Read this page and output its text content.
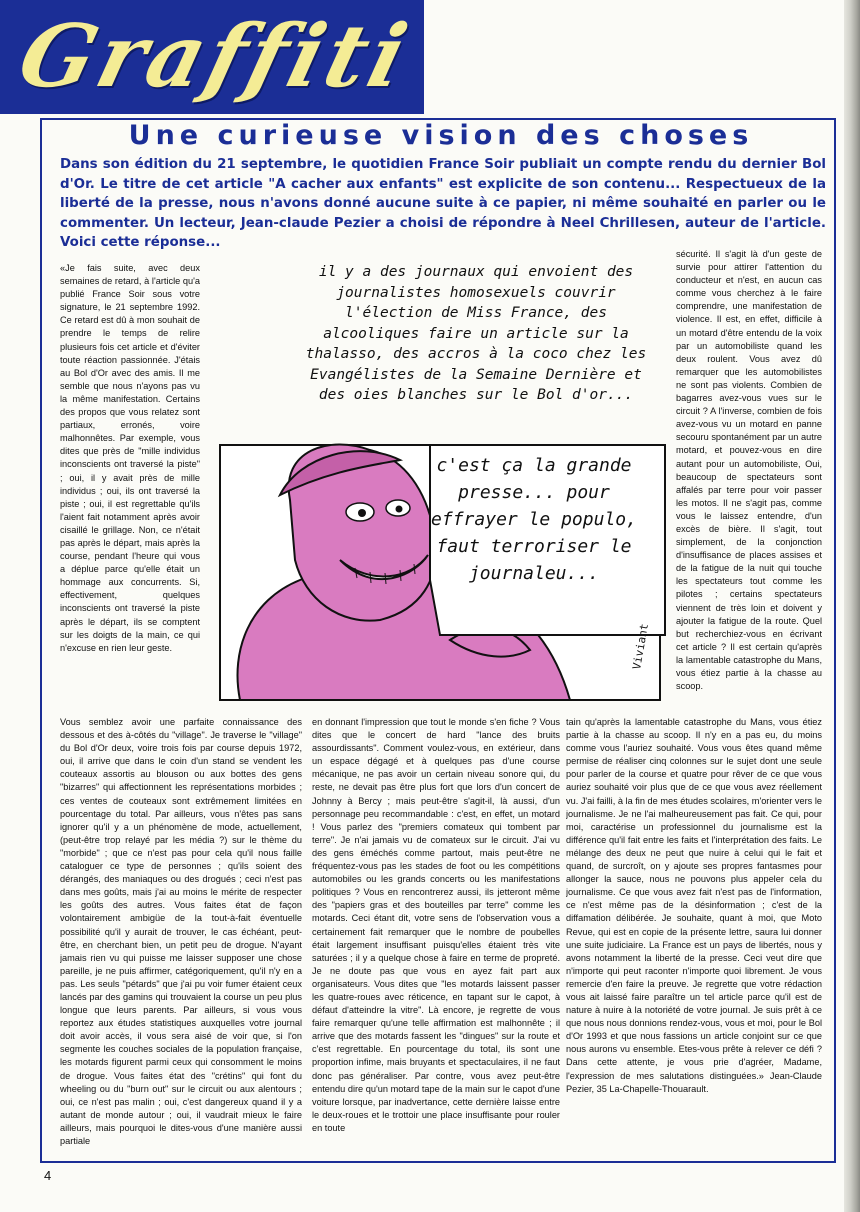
Graffiti
Une curieuse vision des choses
Dans son édition du 21 septembre, le quotidien France Soir publiait un compte rendu du dernier Bol d'Or. Le titre de cet article "A cacher aux enfants" est explicite de son contenu... Respectueux de la liberté de la presse, nous n'avons donné aucune suite à ce papier, ni même souhaité en parler ou le commenter. Un lecteur, Jean-claude Pezier a choisi de répondre à Neel Chrillesen, auteur de l'article. Voici cette réponse...

«Je fais suite, avec deux semaines de retard, à l'article qu'a publié France Soir sous votre signature, le 21 septembre 1992. Ce retard est dû à mon souhait de prendre le temps de relire plusieurs fois cet article et d'éviter toute réaction passionnée. J'étais au Bol d'Or avec des amis. Il me semble que nous n'ayons pas vu la même manifestation. Certains des propos que vous relatez sont partiaux, erronés, voire malhonnêtes. Par exemple, vous dites que près de "mille individus inconscients ont traversé la piste" ; oui, il y avait près de mille individus ; oui, ils ont traversé la piste ; oui, il est regrettable qu'ils l'aient fait notamment après avoir cisaillé le grillage. Non, ce n'était pas après le départ, mais après la course, pendant l'heure qui vous a déplue parce qu'elle était un hommage aux concurrents. Si, effectivement, quelques inconscients ont traversé la piste après le départ, ils se comptent sur les doigts de la main, ce qui n'excuse en rien leur geste.	Viviant
il y a des journaux qui envoient des journalistes homosexuels couvrir l'élection de Miss France, des alcooliques faire un article sur la thalasso, des accros à la coco chez les Evangélistes de la Semaine Dernière et des oies blanches sur le Bol d'or...
c'est ça la grande presse... pour effrayer le populo, faut terroriser le journaleu...

sécurité. Il s'agit là d'un geste de survie pour attirer l'attention du conducteur et n'est, en aucun cas comme vous cherchez à le faire comprendre, une manifestation de violence. Il est, en effet, difficile à un motard d'être entendu de la voix par un automobiliste quand les deux roulent. Vous avez dû remarquer que les automobilistes ne sont pas violents. Combien de bagarres avez-vous vues sur le circuit ? A l'inverse, combien de fois avez-vous vu un motard en panne secouru spontanément par un autre motard, et pouvez-vous en dire autant pour un automobiliste, Oui, beaucoup de spectateurs sont affalés par terre pour voir passer les motos. Il ne s'agit pas, comme vous le laissez entendre, d'un excès de bière. Il s'agit, tout simplement, de la conjonction d'insuffisance de places assises et de la fatigue de la nuit qui touche les spectateurs tout comme les pilotes ; certains spectateurs viennent de très loin et doivent y ajouter la fatigue de la route. Quel but recherchiez-vous en écrivant cet article ? Il est certain qu'après la lamentable catastrophe du Mans, vous étiez partie à la chasse au scoop.

Vous semblez avoir une parfaite connaissance des dessous et des à-côtés du "village". Je traverse le "village" du Bol d'Or deux, voire trois fois par course depuis 1972, oui, il arrive que dans le coin d'un stand se vendent les couteaux assortis au blouson ou aux bottes des gens "bizarres" qui affectionnent les représentations morbides ; ces ventes de couteaux sont extrêmement limitées en pourcentage du total. Par ailleurs, vous n'êtes pas sans ignorer qu'il y a un phénomène de mode, actuellement, (peut-être trop relayé par les média ?) sur le thème du "morbide" ; que ce n'est pas pour cela qu'il nous faille cataloguer ce type de personnes ; qu'ils soient des dérangés, des maniaques ou des drogués ; ceci n'est pas dans mes goûts, mais j'ai au moins le mérite de respecter les goûts des autres. Vous faites état de façon volontairement ambigüe de la tout-à-fait éventuelle possibilité qu'il y aurait de trouver, le cas échéant, peut-être, en cherchant bien, un petit peu de drogue. N'ayant jamais rien vu qui puisse me laisser supposer une chose pareille, je ne puis affirmer, catégoriquement, qu'il n'y en a pas. Les seuls "pétards" que j'ai pu voir fumer étaient ceux lancés par des gamins qui trouvaient la course un peu plus longue que leurs parents. Par ailleurs, si vous vous reportez aux études statistiques auxquelles votre journal doit avoir accès, il vous sera aisé de voir que, si l'on segmente les couches sociales de la population française, les motards figurent parmi ceux qui consomment le moins de drogue. Vous faites état des "crétins" qui font du wheeling ou du "burn out" sur le circuit ou aux alentours ; oui, ce n'est pas malin ; oui, c'est dangereux quand il y a autant de monde autour ; oui, il vaudrait mieux le faire ailleurs, mais pourquoi le dites-vous d'une manière aussi partiale

en donnant l'impression que tout le monde s'en fiche ? Vous dites que le concert de hard "lance des bruits assourdissants". Comment voulez-vous, en extérieur, dans un espace dégagé et à quelques pas d'une course mécanique, ne pas avoir un certain niveau sonore qui, du reste, ne devait pas être plus fort que lors d'un concert de Johnny à Bercy ; mais peut-être s'agit-il, là aussi, d'un personnage peu recommandable : c'est, en effet, un motard ! Vous parlez des "premiers comateux qui tombent par terre". Je n'ai jamais vu de comateux sur le circuit. J'ai vu des gens éméchés comme partout, mais peut-être ne fréquentez-vous pas les stades de foot ou les compétitions automobiles ou les grands concerts ou les manifestations politiques ? Vous en rencontrerez aussi, ils jetteront même des "papiers gras et des bouteilles par terre" comme les motards. Ceci étant dit, votre sens de l'observation vous a certainement fait remarquer que le nombre de poubelles était largement insuffisant puisqu'elles étaient très vite saturées ; il y a quelque chose à faire en terme de propreté. Je ne doute pas que vous en ayez fait part aux organisateurs. Vous dites que "les motards laissent passer les quatre-roues avec réticence, en tapant sur le capot, à défaut d'atteindre la vitre". Là encore, je regrette de vous faire remarquer qu'une telle affirmation est malhonnête ; il arrive que des motards fassent les "dingues" sur la route et c'est regrettable. En pourcentage du total, ils sont une proportion infime, mais bruyants et spectaculaires, il ne faut donc pas généraliser. Par contre, vous avez peut-être entendu dire qu'un motard tape de la main sur le capot d'une voiture lorsque, par inadvertance, cette dernière laisse entre le deux-roues et le trottoir une place insuffisante pour rouler en toute

tain qu'après la lamentable catastrophe du Mans, vous étiez partie à la chasse au scoop. Il n'y en a pas eu, du moins comme vous l'auriez souhaité. Vous vous êtes quand même permise de réaliser cinq colonnes sur le sujet dont une seule pour parler de la course et quatre pour rêver de ce que vous auriez souhaité voir plus que de ce que vous avez réellement vu. J'ai failli, à la fin de mes études scolaires, m'orienter vers le journalisme. Je ne l'ai malheureusement pas fait. Ce qui, pour moi, caractérise un professionnel du journalisme est la différence qu'il fait entre les faits et l'interprétation des faits. Le mélange des deux ne peut que nuire à celui qui le fait et quand, de surcroît, on y ajoute ses propres fantasmes pour allonger la sauce, nous ne pouvons plus appeler cela du journalisme. Ce que vous avez fait n'est pas de l'information, ce n'est même pas de la désinformation ; c'est de la diffamation délibérée. Je souhaite, quant à moi, que Moto Revue, qui est en copie de la présente lettre, saura lui donner une suite judiciaire. La France est un pays de libertés, nous y avons notamment la liberté de la presse. Ceci veut dire que n'importe qui peut raconter n'importe quoi librement. Je vous remercie d'en faire la preuve. Je regrette que votre rédaction vous ait laissé faire paraître un tel article parce qu'il est de nature à nuire à la notoriété de votre journal. Je suis prêt à ce que nous nous donnions rendez-vous, vous et moi, pour le Bol d'Or 1993 et que nous fassions un article conjoint sur ce que nous aurons vu ensemble. Etes-vous prête à relever ce défi ? Dans cette attente, je vous prie d'agréer, Madame, l'expression de mes salutations distinguées.» Jean-Claude Pezier, 35 La-Chapelle-Thouarault.

4
